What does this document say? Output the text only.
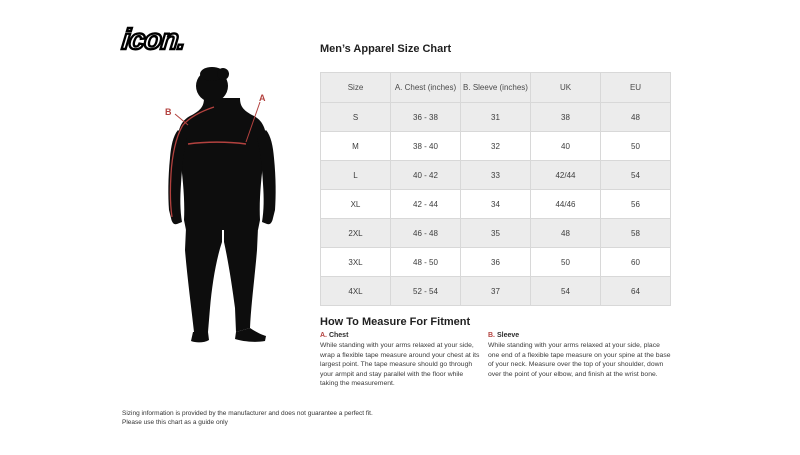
icon.
A
B
Men’s Apparel Size Chart
Size	A. Chest (inches)	B. Sleeve (inches)	UK	EU
S	36 - 38	31	38	48
M	38 - 40	32	40	50
L	40 - 42	33	42/44	54
XL	42 - 44	34	44/46	56
2XL	46 - 48	35	48	58
3XL	48 - 50	36	50	60
4XL	52 - 54	37	54	64
How To Measure For Fitment
A. Chest
While standing with your arms relaxed at your side, wrap a flexible tape measure around your chest at its largest point. The tape measure should go through your armpit and stay parallel with the floor while taking the measurement.
B. Sleeve
While standing with your arms relaxed at your side, place one end of a flexible tape measure on your spine at the base of your neck. Measure over the top of your shoulder, down over the point of your elbow, and finish at the wrist bone.
Sizing information is provided by the manufacturer and does not guarantee a perfect fit.
Please use this chart as a guide only
